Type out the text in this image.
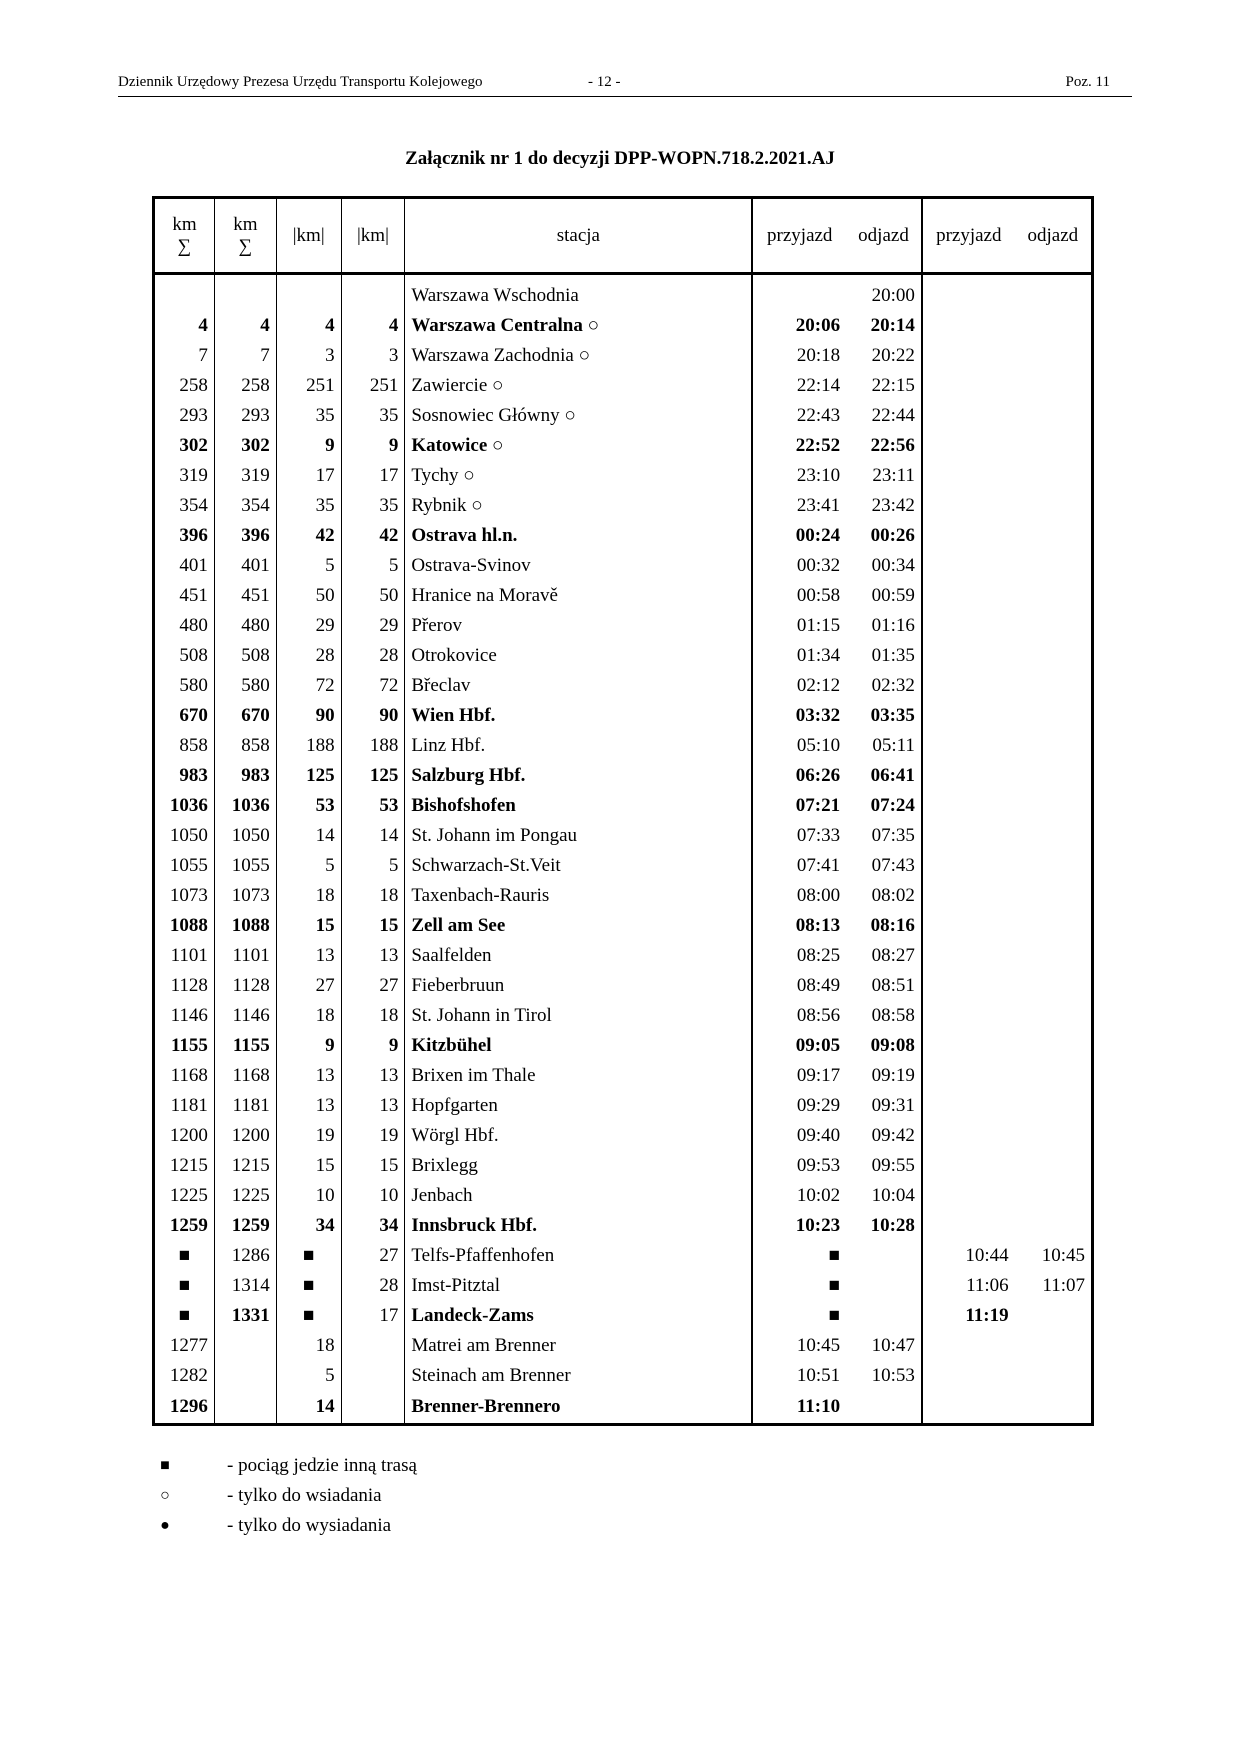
Dziennik Urzędowy Prezesa Urzędu Transportu Kolejowego	- 12 -	Poz. 11
Załącznik nr 1 do decyzji DPP-WOPN.718.2.2021.AJ
km
∑	km
∑	|km|	|km|	stacja	przyjazd	odjazd	przyjazd	odjazd
				Warszawa Wschodnia		20:00		
4	4	4	4	Warszawa Centralna ○	20:06	20:14		
7	7	3	3	Warszawa Zachodnia ○	20:18	20:22		
258	258	251	251	Zawiercie ○	22:14	22:15		
293	293	35	35	Sosnowiec Główny ○	22:43	22:44		
302	302	9	9	Katowice ○	22:52	22:56		
319	319	17	17	Tychy ○	23:10	23:11		
354	354	35	35	Rybnik ○	23:41	23:42		
396	396	42	42	Ostrava hl.n.	00:24	00:26		
401	401	5	5	Ostrava-Svinov	00:32	00:34		
451	451	50	50	Hranice na Moravě	00:58	00:59		
480	480	29	29	Přerov	01:15	01:16		
508	508	28	28	Otrokovice	01:34	01:35		
580	580	72	72	Břeclav	02:12	02:32		
670	670	90	90	Wien Hbf.	03:32	03:35		
858	858	188	188	Linz Hbf.	05:10	05:11		
983	983	125	125	Salzburg Hbf.	06:26	06:41		
1036	1036	53	53	Bishofshofen	07:21	07:24		
1050	1050	14	14	St. Johann im Pongau	07:33	07:35		
1055	1055	5	5	Schwarzach-St.Veit	07:41	07:43		
1073	1073	18	18	Taxenbach-Rauris	08:00	08:02		
1088	1088	15	15	Zell am See	08:13	08:16		
1101	1101	13	13	Saalfelden	08:25	08:27		
1128	1128	27	27	Fieberbruun	08:49	08:51		
1146	1146	18	18	St. Johann in Tirol	08:56	08:58		
1155	1155	9	9	Kitzbühel	09:05	09:08		
1168	1168	13	13	Brixen im Thale	09:17	09:19		
1181	1181	13	13	Hopfgarten	09:29	09:31		
1200	1200	19	19	Wörgl Hbf.	09:40	09:42		
1215	1215	15	15	Brixlegg	09:53	09:55		
1225	1225	10	10	Jenbach	10:02	10:04		
1259	1259	34	34	Innsbruck Hbf.	10:23	10:28		
■	1286	■	27	Telfs-Pfaffenhofen	■		10:44	10:45
■	1314	■	28	Imst-Pitztal	■		11:06	11:07
■	1331	■	17	Landeck-Zams	■		11:19	
1277		18		Matrei am Brenner	10:45	10:47		
1282		5		Steinach am Brenner	10:51	10:53		
1296		14		Brenner-Brennero	11:10			
■	- pociąg jedzie inną trasą
○	- tylko do wsiadania
●	- tylko do wysiadania
